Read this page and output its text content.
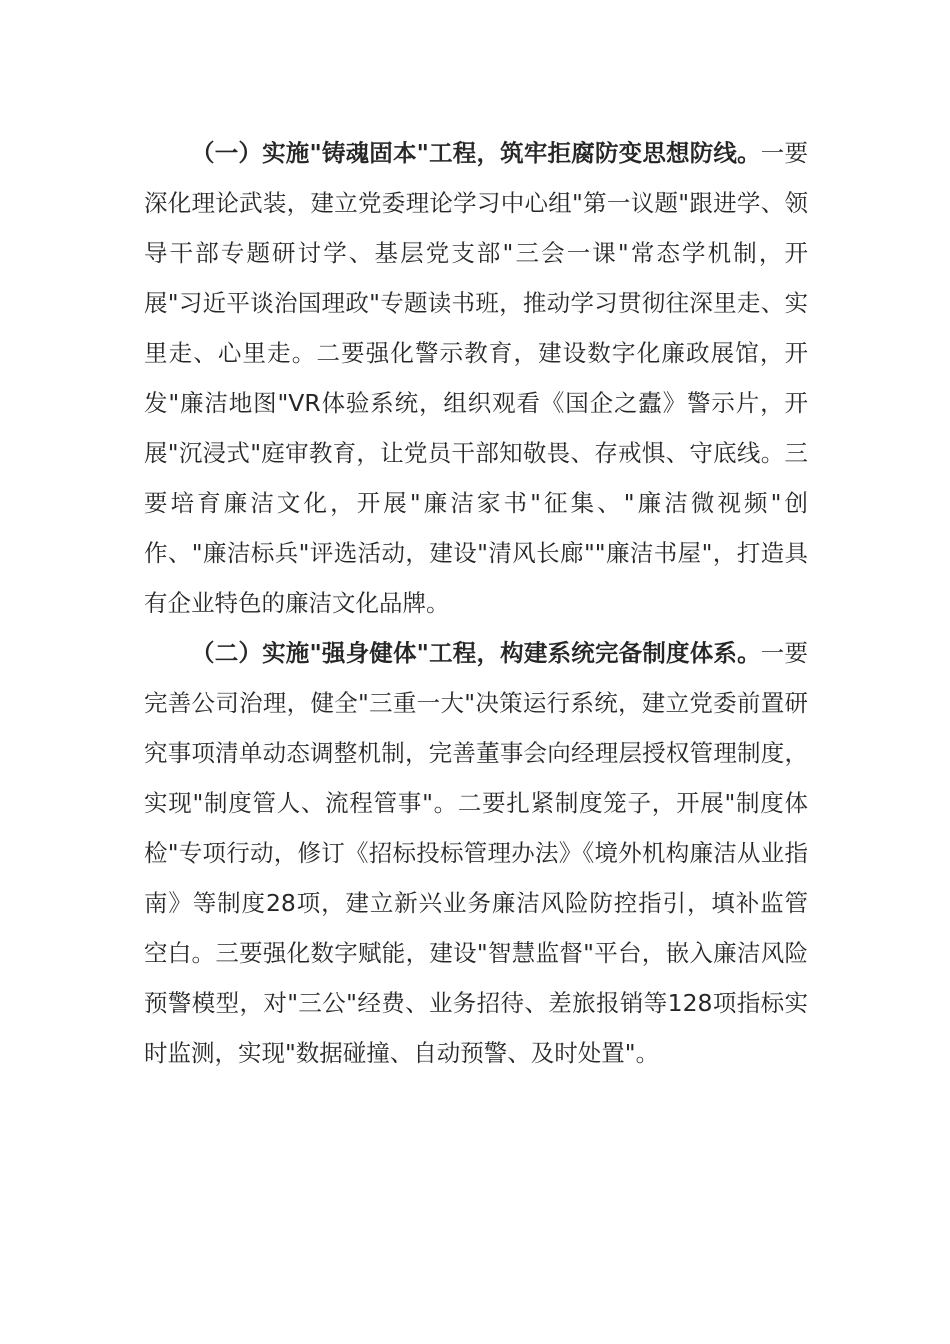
（一）实施"铸魂固本"工程，筑牢拒腐防变思想防线。一要深化理论武装，建立党委理论学习中心组"第一议题"跟进学、领导干部专题研讨学、基层党支部"三会一课"常态学机制，开展"习近平谈治国理政"专题读书班，推动学习贯彻往深里走、实里走、心里走。二要强化警示教育，建设数字化廉政展馆，开发"廉洁地图"VR体验系统，组织观看《国企之蠹》警示片，开展"沉浸式"庭审教育，让党员干部知敬畏、存戒惧、守底线。三要培育廉洁文化，开展"廉洁家书"征集、"廉洁微视频"创作、"廉洁标兵"评选活动，建设"清风长廊""廉洁书屋"，打造具有企业特色的廉洁文化品牌。

（二）实施"强身健体"工程，构建系统完备制度体系。一要完善公司治理，健全"三重一大"决策运行系统，建立党委前置研究事项清单动态调整机制，完善董事会向经理层授权管理制度，实现"制度管人、流程管事"。二要扎紧制度笼子，开展"制度体检"专项行动，修订《招标投标管理办法》《境外机构廉洁从业指南》等制度28项，建立新兴业务廉洁风险防控指引，填补监管空白。三要强化数字赋能，建设"智慧监督"平台，嵌入廉洁风险预警模型，对"三公"经费、业务招待、差旅报销等128项指标实时监测，实现"数据碰撞、自动预警、及时处置"。
